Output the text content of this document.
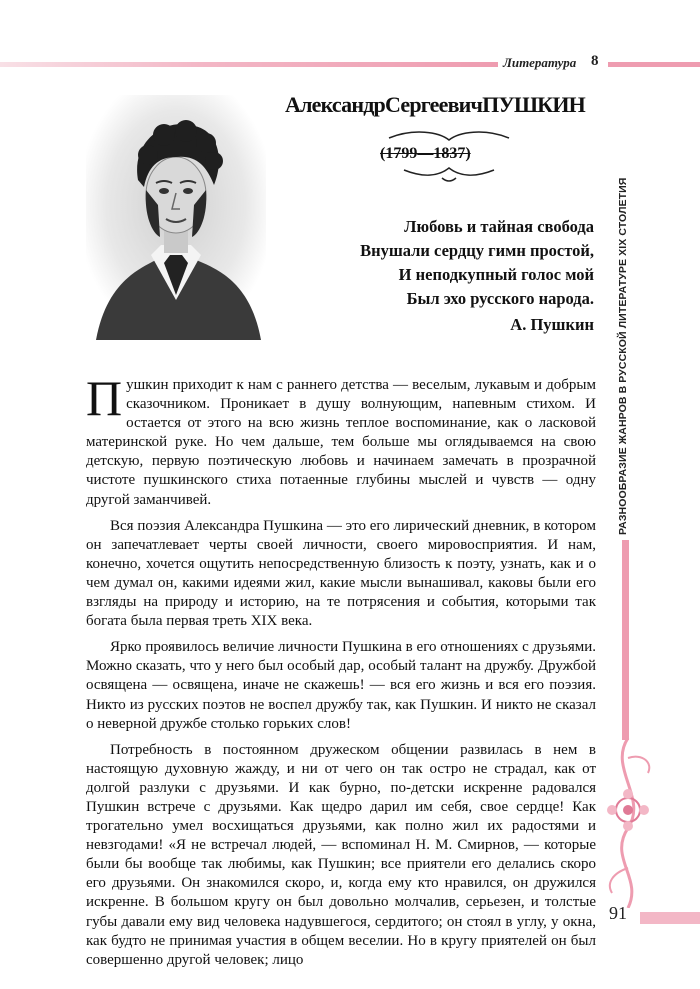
Литература 8
АлександрСергеевичПУШКИН
(1799—1837)
Любовь и тайная свобода
Внушали сердцу гимн простой,
И неподкупный голос мой
Был эхо русского народа.
А. Пушкин РАЗНООБРАЗИЕ ЖАНРОВ В РУССКОЙ ЛИТЕРАТУРЕ XIX СТОЛЕТИЯ
91

Пушкин приходит к нам с раннего детства — веселым, лукавым и добрым сказочником. Проникает в душу волнующим, напевным стихом. И остается от этого на всю жизнь теплое воспоминание, как о ласковой материнской руке. Но чем дальше, тем больше мы оглядываемся на свою детскую, первую поэтическую любовь и начинаем замечать в прозрачной чистоте пушкинского стиха потаенные глубины мыслей и чувств — одну другой заманчивей.

Вся поэзия Александра Пушкина — это его лирический дневник, в котором он запечатлевает черты своей личности, своего мировосприятия. И нам, конечно, хочется ощутить непосредственную близость к поэту, узнать, как и о чем думал он, какими идеями жил, какие мысли вынашивал, каковы были его взгляды на природу и историю, на те потрясения и события, которыми так богата была первая треть XIX века.

Ярко проявилось величие личности Пушкина в его отношениях с друзьями. Можно сказать, что у него был особый дар, особый талант на дружбу. Дружбой освящена — освящена, иначе не скажешь! — вся его жизнь и вся его поэзия. Никто из русских поэтов не воспел дружбу так, как Пушкин. И никто не сказал о неверной дружбе столько горьких слов!

Потребность в постоянном дружеском общении развилась в нем в настоящую духовную жажду, и ни от чего он так остро не страдал, как от долгой разлуки с друзьями. И как бурно, по-детски искренне радовался Пушкин встрече с друзьями. Как щедро дарил им себя, свое сердце! Как трогательно умел восхищаться друзьями, как полно жил их радостями и невзгодами! «Я не встречал людей, — вспоминал Н. М. Смирнов, — которые были бы вообще так любимы, как Пушкин; все приятели его делались скоро его друзьями. Он знакомился скоро, и, когда ему кто нравился, он дружился искренне. В большом кругу он был довольно молчалив, серьезен, и толстые губы давали ему вид человека надувшегося, сердитого; он стоял в углу, у окна, как будто не принимая участия в общем веселии. Но в кругу приятелей он был совершенно другой человек; лицо
